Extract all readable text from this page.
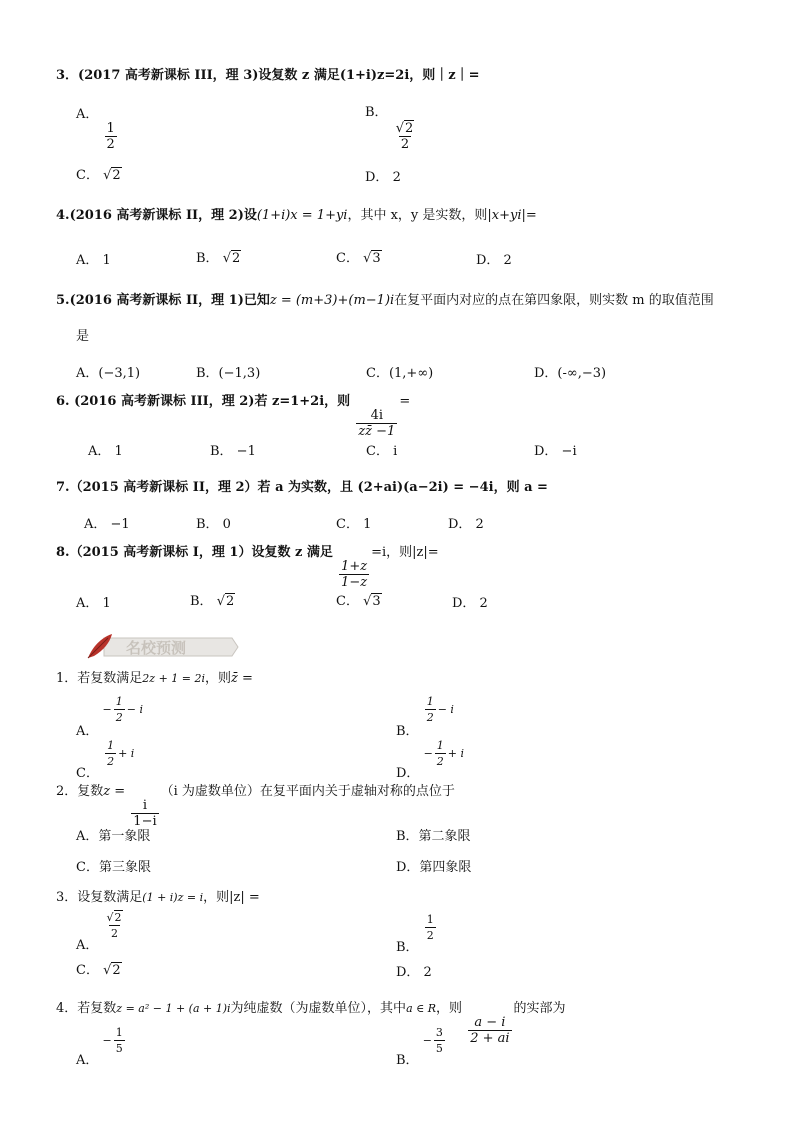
3．(2017 高考新课标 III，理 3)设复数 z 满足(1+i)z=2i，则｜z｜=
A．
$\frac{1}{2}$
B．
$\frac{√2}{2}$
C． √2	D． 2
4.(2016 高考新课标 II，理 2)设(1+i)x = 1+yi，其中 x，y 是实数，则|x+yi|=
A． 1	B． √2	C． √3	D． 2
5.(2016 高考新课标 II，理 1)已知z = (m+3)+(m−1)i在复平面内对应的点在第四象限，则实数 m 的取值范围
是
A．(−3,1)	B．(−1,3)	C．(1,+∞)	D．(-∞,−3)
6. (2016 高考新课标 III，理 2)若 z=1+2i，则
$\frac{4i}{zz̄ -1}$
=
A． 1	B． −1	C． i	D． −i
7.（2015 高考新课标 II，理 2）若 a 为实数，且 (2+ai)(a−2i) = −4i，则 a =
A． −1	B． 0	C． 1	D． 2
8.（2015 高考新课标 I，理 1）设复数 z 满足
$\frac{1+z}{1-z}$
=i，则|z|=
A． 1	B． √2	C． √3	D． 2
名校预测
1．若复数满足2z + 1 = 2i，则z̄ =
A． − $\frac{1}{2} - i$
B．
$\frac{1}{2} - i$
C．
$\frac{1}{2} + i$
D． − $\frac{1}{2} + i$
2．复数z =
$\frac{i}{1-i}$
（i 为虚数单位）在复平面内关于虚轴对称的点位于
A．第一象限	B．第二象限
C．第三象限	D．第四象限
3．设复数满足(1 + i)z = i，则|z| =
A．
$\frac{√2}{2}$
B．
$\frac{1}{2}$
C． √2	D． 2
4．若复数z = a² − 1 + (a + 1)i为纯虚数（为虚数单位），其中a ∈ R，则
$\frac{a - i}{2 + ai}$
的实部为
A． − $\frac{1}{5}$
B． − $\frac{3}{5}$
